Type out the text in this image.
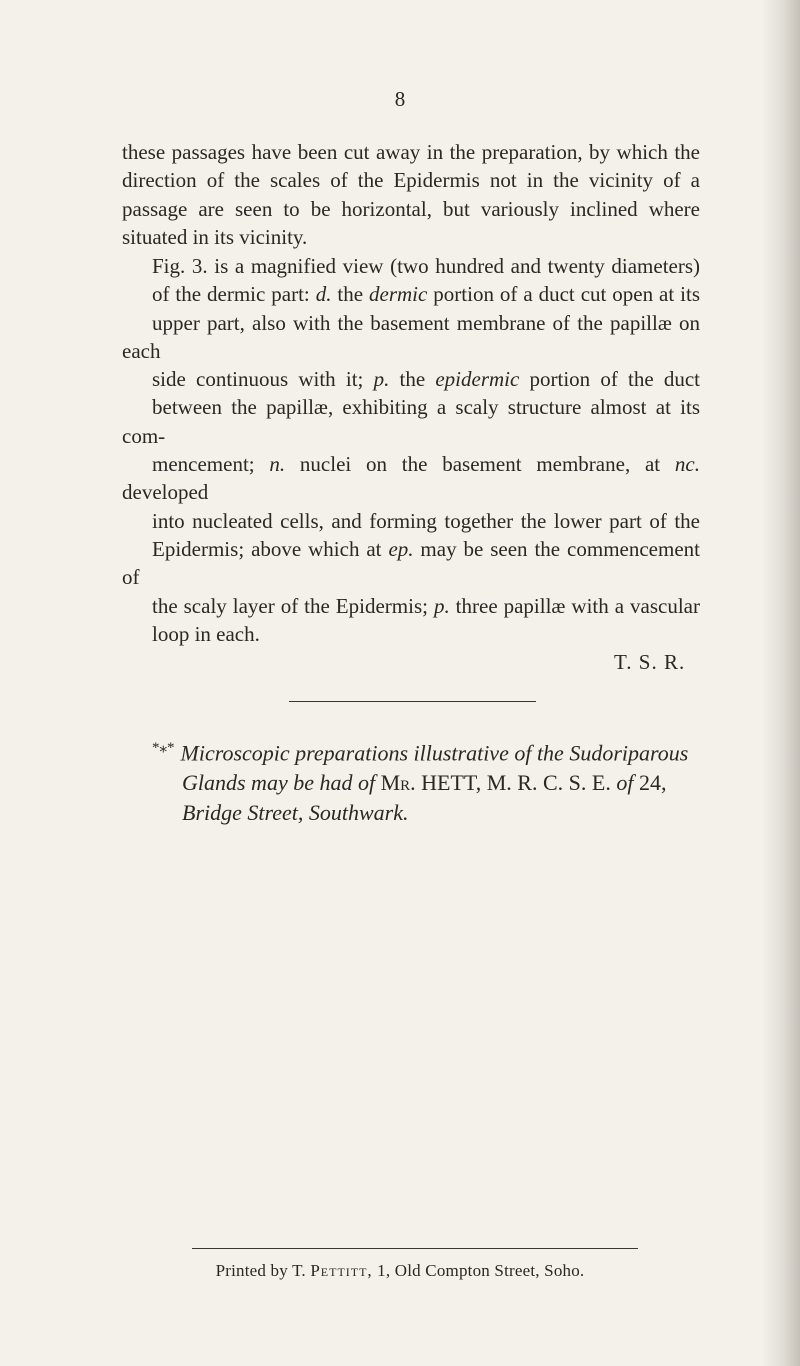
8

these passages have been cut away in the preparation, by which the direction of the scales of the Epidermis not in the vicinity of a passage are seen to be horizontal, but variously inclined where situated in its vicinity.

Fig. 3. is a magnified view (two hundred and twenty diameters)
of the dermic part: d. the dermic portion of a duct cut open at its
upper part, also with the basement membrane of the papillæ on each
side continuous with it; p. the epidermic portion of the duct
between the papillæ, exhibiting a scaly structure almost at its com-
mencement; n. nuclei on the basement membrane, at nc. developed
into nucleated cells, and forming together the lower part of the
Epidermis; above which at ep. may be seen the commencement of
the scaly layer of the Epidermis; p. three papillæ with a vascular
loop in each.

T. S. R.

*⁎* Microscopic preparations illustrative of the Sudoriparous
Glands may be had of Mr. HETT, M. R. C. S. E. of 24,
Bridge Street, Southwark.

Printed by T. Pettitt, 1, Old Compton Street, Soho.
